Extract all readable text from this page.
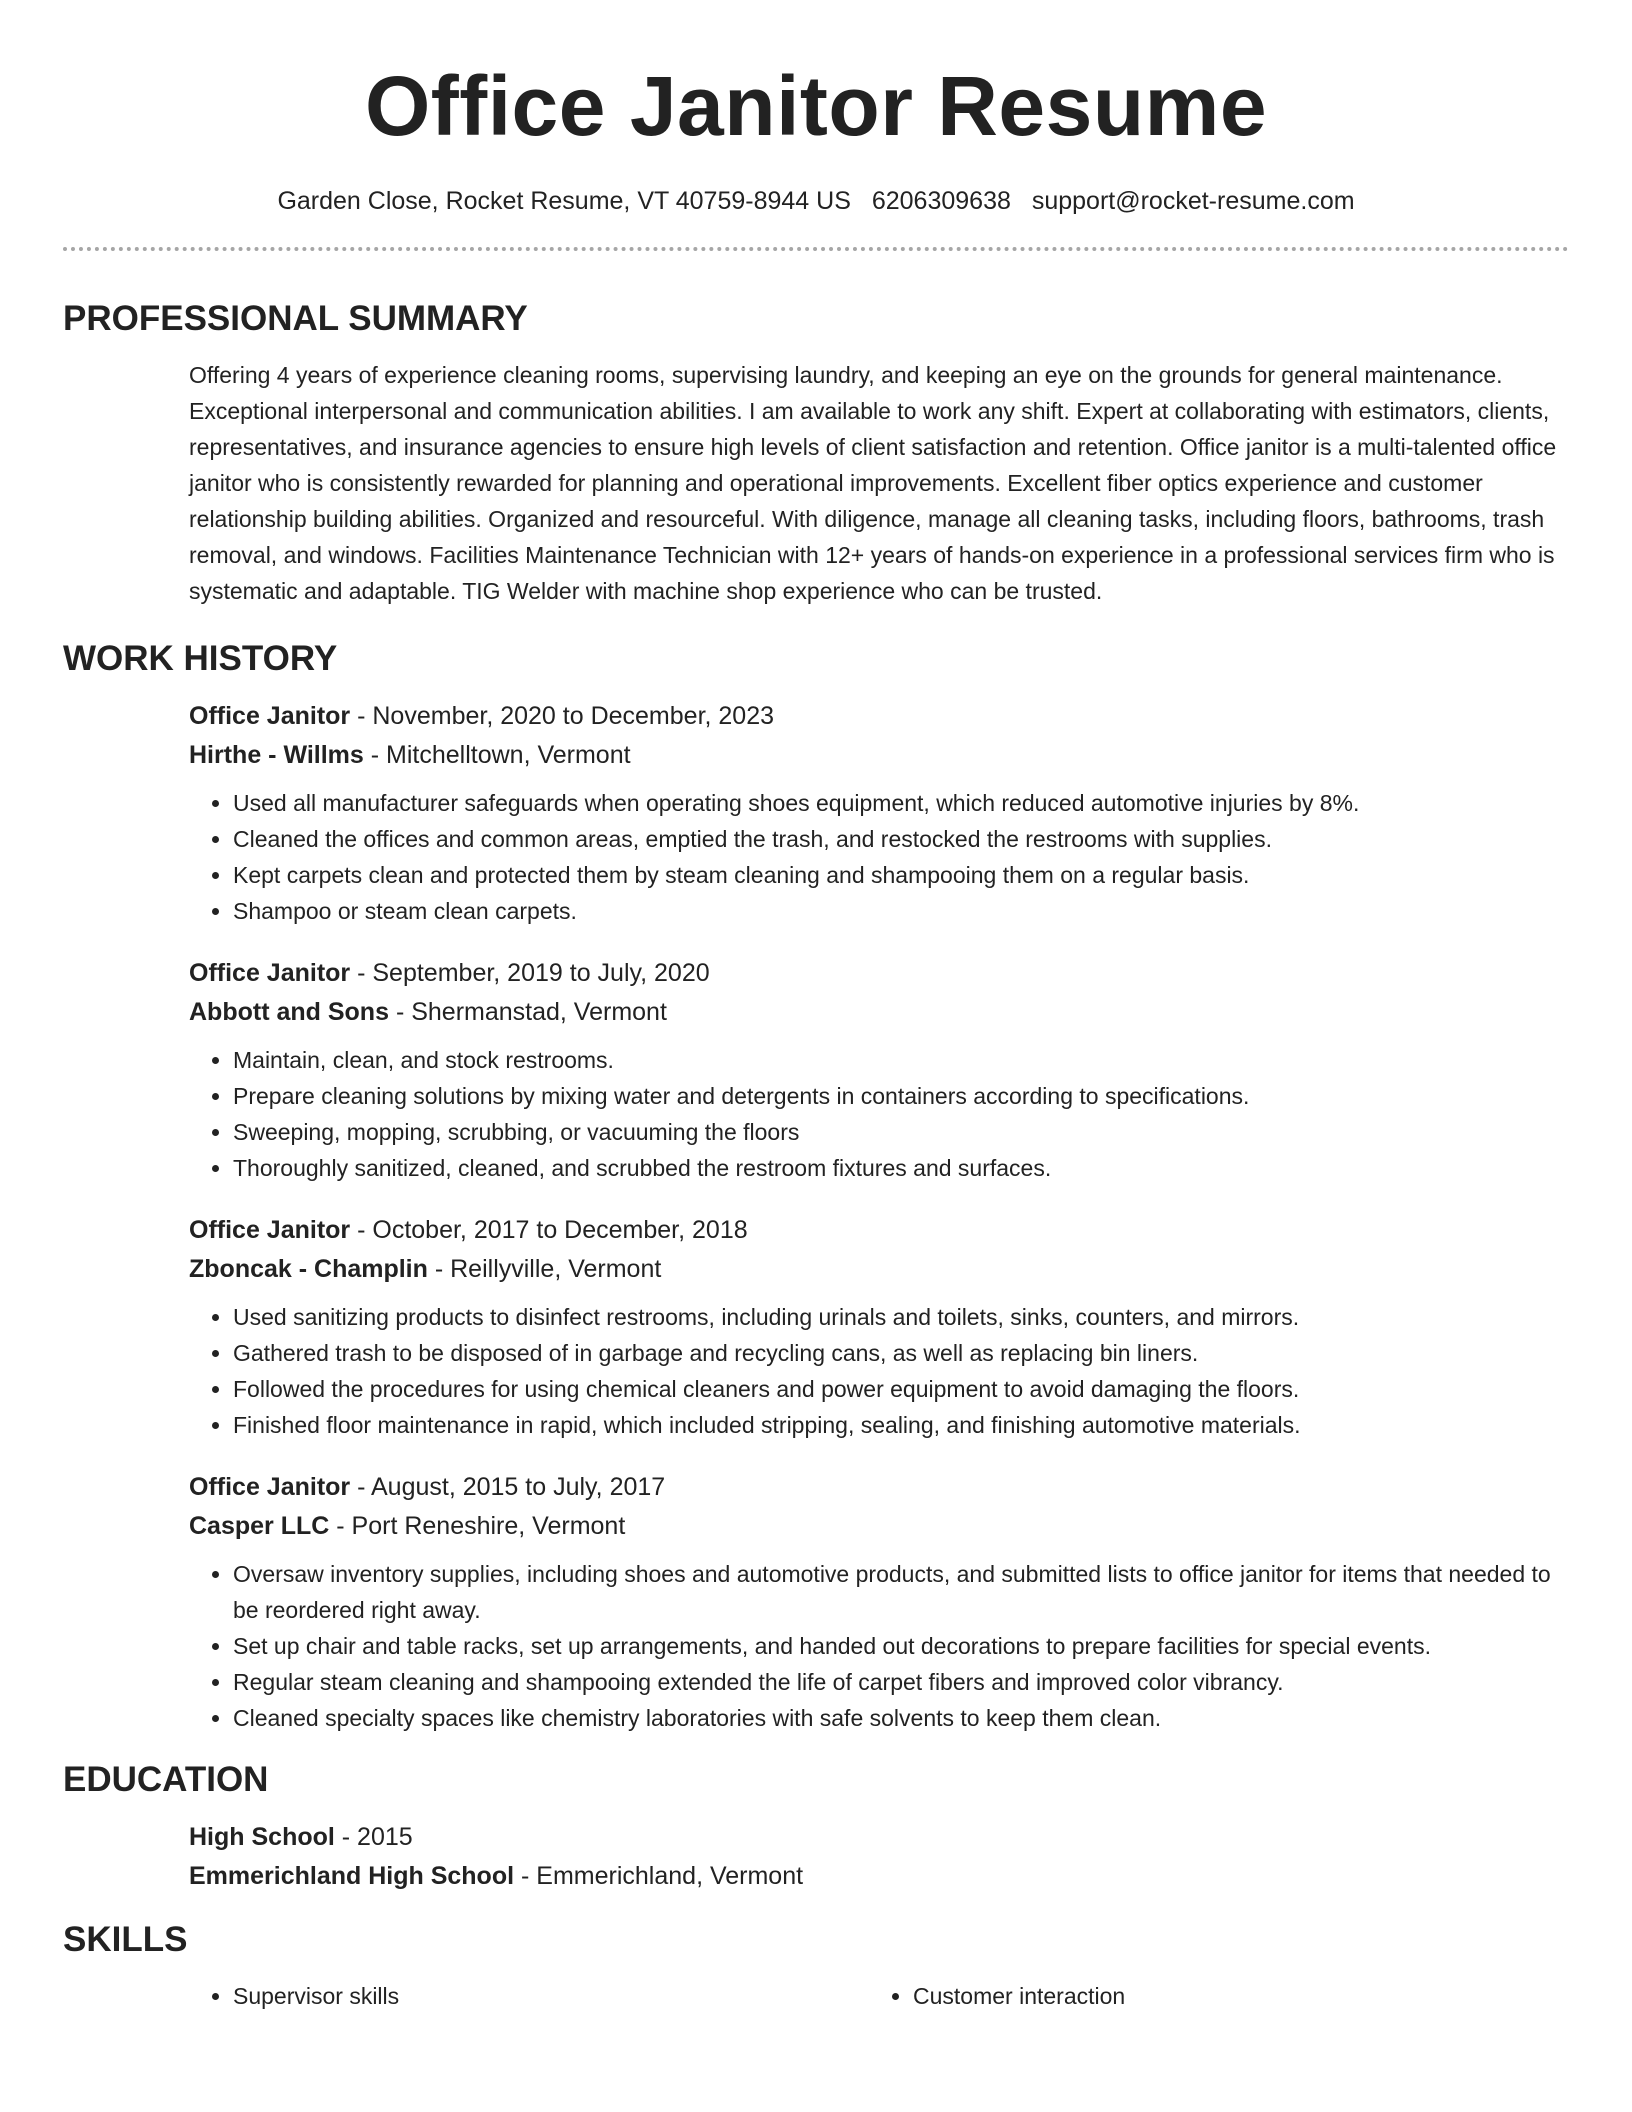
Office Janitor Resume
Garden Close, Rocket Resume, VT 40759-8944 US 6206309638 support@rocket-resume.com
PROFESSIONAL SUMMARY

Offering 4 years of experience cleaning rooms, supervising laundry, and keeping an eye on the grounds for general maintenance. Exceptional interpersonal and communication abilities. I am available to work any shift. Expert at collaborating with estimators, clients, representatives, and insurance agencies to ensure high levels of client satisfaction and retention. Office janitor is a multi-talented office janitor who is consistently rewarded for planning and operational improvements. Excellent fiber optics experience and customer relationship building abilities. Organized and resourceful. With diligence, manage all cleaning tasks, including floors, bathrooms, trash removal, and windows. Facilities Maintenance Technician with 12+ years of hands-on experience in a professional services firm who is systematic and adaptable. TIG Welder with machine shop experience who can be trusted.

WORK HISTORY
Office Janitor - November, 2020 to December, 2023
Hirthe - Willms - Mitchelltown, Vermont
• Used all manufacturer safeguards when operating shoes equipment, which reduced automotive injuries by 8%.
• Cleaned the offices and common areas, emptied the trash, and restocked the restrooms with supplies.
• Kept carpets clean and protected them by steam cleaning and shampooing them on a regular basis.
• Shampoo or steam clean carpets.
Office Janitor - September, 2019 to July, 2020
Abbott and Sons - Shermanstad, Vermont
• Maintain, clean, and stock restrooms.
• Prepare cleaning solutions by mixing water and detergents in containers according to specifications.
• Sweeping, mopping, scrubbing, or vacuuming the floors
• Thoroughly sanitized, cleaned, and scrubbed the restroom fixtures and surfaces.
Office Janitor - October, 2017 to December, 2018
Zboncak - Champlin - Reillyville, Vermont
• Used sanitizing products to disinfect restrooms, including urinals and toilets, sinks, counters, and mirrors.
• Gathered trash to be disposed of in garbage and recycling cans, as well as replacing bin liners.
• Followed the procedures for using chemical cleaners and power equipment to avoid damaging the floors.
• Finished floor maintenance in rapid, which included stripping, sealing, and finishing automotive materials.
Office Janitor - August, 2015 to July, 2017
Casper LLC - Port Reneshire, Vermont
• Oversaw inventory supplies, including shoes and automotive products, and submitted lists to office janitor for items that needed to be reordered right away.
• Set up chair and table racks, set up arrangements, and handed out decorations to prepare facilities for special events.
• Regular steam cleaning and shampooing extended the life of carpet fibers and improved color vibrancy.
• Cleaned specialty spaces like chemistry laboratories with safe solvents to keep them clean.
EDUCATION
High School - 2015
Emmerichland High School - Emmerichland, Vermont
SKILLS
• Supervisor skills
•	Customer interaction
